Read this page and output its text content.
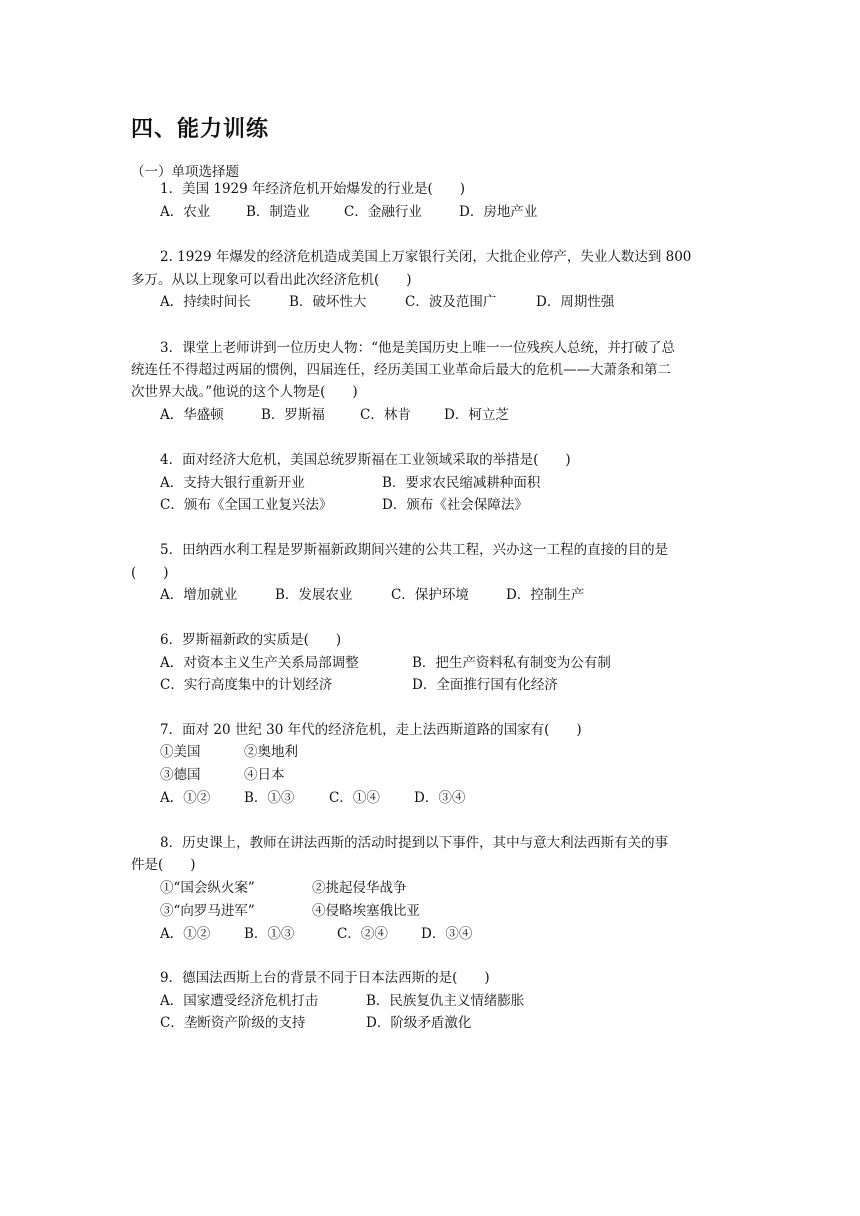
四、能力训练
（一）单项选择题
1．美国 1929 年经济危机开始爆发的行业是(　　)
A．农业	B．制造业	C．金融行业	D．房地产业
2. 1929 年爆发的经济危机造成美国上万家银行关闭，大批企业停产，失业人数达到 800
多万。从以上现象可以看出此次经济危机(　　)
A．持续时间长	B．破坏性大	C．波及范围广	D．周期性强
3．课堂上老师讲到一位历史人物：“他是美国历史上唯一一位残疾人总统，并打破了总
统连任不得超过两届的惯例，四届连任，经历美国工业革命后最大的危机——大萧条和第二
次世界大战。”他说的这个人物是(　　)
A．华盛顿	B．罗斯福	C．林肯 D．柯立芝
4．面对经济大危机，美国总统罗斯福在工业领域采取的举措是(　　)
A．支持大银行重新开业	B．要求农民缩减耕种面积
C．颁布《全国工业复兴法》	D．颁布《社会保障法》
5．田纳西水利工程是罗斯福新政期间兴建的公共工程，兴办这一工程的直接的目的是
(　　)
A．增加就业	B．发展农业	C．保护环境	D．控制生产
6．罗斯福新政的实质是(　　)
A．对资本主义生产关系局部调整	B．把生产资料私有制变为公有制
C．实行高度集中的计划经济	D．全面推行国有化经济
7．面对 20 世纪 30 年代的经济危机，走上法西斯道路的国家有(　　)
①美国	②奥地利
③德国	④日本
A．①②	B．①③	C．①④	D．③④
8．历史课上，教师在讲法西斯的活动时提到以下事件，其中与意大利法西斯有关的事
件是(　　)
①“国会纵火案”	②挑起侵华战争
③“向罗马进军”	④侵略埃塞俄比亚
A．①②	B．①③	C．②④ D．③④
9．德国法西斯上台的背景不同于日本法西斯的是(　　)
A．国家遭受经济危机打击	B．民族复仇主义情绪膨胀
C．垄断资产阶级的支持	D．阶级矛盾激化
